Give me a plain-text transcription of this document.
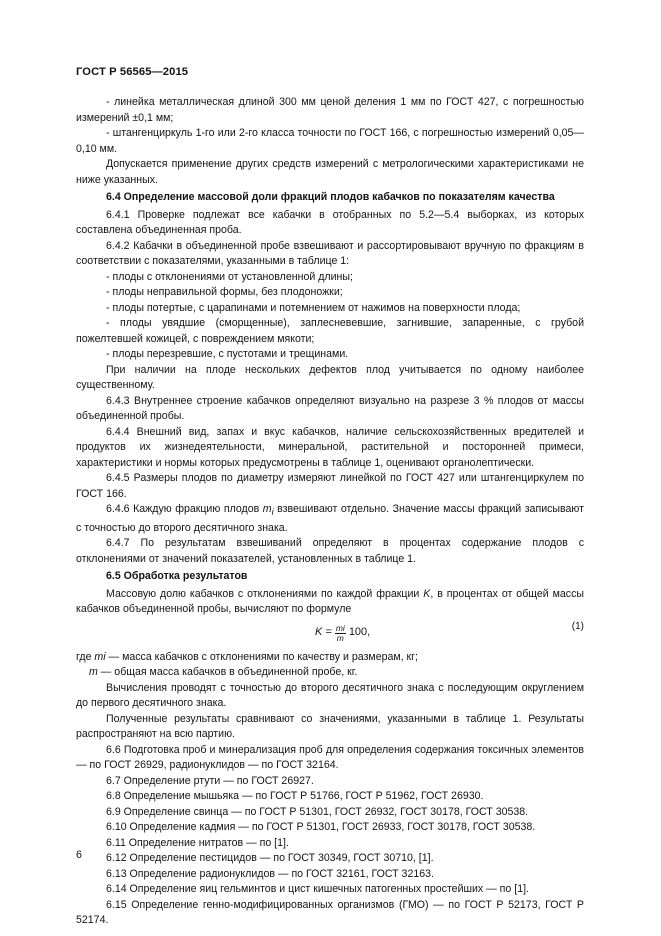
ГОСТ Р 56565—2015

- линейка металлическая длиной 300 мм ценой деления 1 мм по ГОСТ 427, с погрешностью измерений ±0,1 мм;

- штангенциркуль 1-го или 2-го класса точности по ГОСТ 166, с погрешностью измерений 0,05—0,10 мм.

Допускается применение других средств измерений с метрологическими характеристиками не ниже указанных.

6.4 Определение массовой доли фракций плодов кабачков по показателям качества

6.4.1 Проверке подлежат все кабачки в отобранных по 5.2—5.4 выборках, из которых составлена объединенная проба.

6.4.2 Кабачки в объединенной пробе взвешивают и рассортировывают вручную по фракциям в соответствии с показателями, указанными в таблице 1:

- плоды с отклонениями от установленной длины;

- плоды неправильной формы, без плодоножки;

- плоды потертые, с царапинами и потемнением от нажимов на поверхности плода;

- плоды увядшие (сморщенные), заплесневевшие, загнившие, запаренные, с грубой пожелтевшей кожицей, с повреждением мякоти;

- плоды перезревшие, с пустотами и трещинами.

При наличии на плоде нескольких дефектов плод учитывается по одному наиболее существенному.

6.4.3 Внутреннее строение кабачков определяют визуально на разрезе 3 % плодов от массы объединенной пробы.

6.4.4 Внешний вид, запах и вкус кабачков, наличие сельскохозяйственных вредителей и продуктов их жизнедеятельности, минеральной, растительной и посторонней примеси, характеристики и нормы которых предусмотрены в таблице 1, оценивают органолептически.

6.4.5 Размеры плодов по диаметру измеряют линейкой по ГОСТ 427 или штангенциркулем по ГОСТ 166.

6.4.6 Каждую фракцию плодов $m_i$ взвешивают отдельно. Значение массы фракций записывают с точностью до второго десятичного знака.

6.4.7 По результатам взвешиваний определяют в процентах содержание плодов с отклонениями от значений показателей, установленных в таблице 1.

6.5 Обработка результатов

Массовую долю кабачков с отклонениями по каждой фракции K, в процентах от общей массы кабачков объединенной пробы, вычисляют по формуле

$K = \frac{mi}{m} 100$,
(1)

где mi — масса кабачков с отклонениями по качеству и размерам, кг;

m — общая масса кабачков в объединенной пробе, кг.

Вычисления проводят с точностью до второго десятичного знака с последующим округлением до первого десятичного знака.

Полученные результаты сравнивают со значениями, указанными в таблице 1. Результаты распространяют на всю партию.

6.6 Подготовка проб и минерализация проб для определения содержания токсичных элементов — по ГОСТ 26929, радионуклидов — по ГОСТ 32164.

6.7 Определение ртути — по ГОСТ 26927.

6.8 Определение мышьяка — по ГОСТ Р 51766, ГОСТ Р 51962, ГОСТ 26930.

6.9 Определение свинца — по ГОСТ Р 51301, ГОСТ 26932, ГОСТ 30178, ГОСТ 30538.

6.10 Определение кадмия — по ГОСТ Р 51301, ГОСТ 26933, ГОСТ 30178, ГОСТ 30538.

6.11 Определение нитратов — по [1].

6.12 Определение пестицидов — по ГОСТ 30349, ГОСТ 30710, [1].

6.13 Определение радионуклидов — по ГОСТ 32161, ГОСТ 32163.

6.14 Определение яиц гельминтов и цист кишечных патогенных простейших — по [1].

6.15 Определение генно-модифицированных организмов (ГМО) — по ГОСТ Р 52173, ГОСТ Р 52174.

6
